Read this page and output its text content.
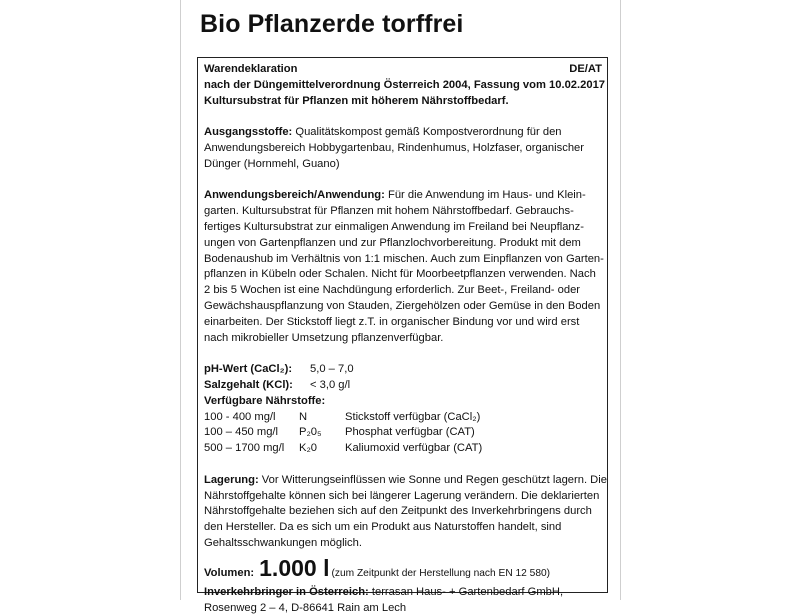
Bio Pflanzerde torffrei
Warendeklaration	DE/AT
nach der Düngemittelverordnung Österreich 2004, Fassung vom 10.02.2017
Kultursubstrat für Pflanzen mit höherem Nährstoffbedarf.
Ausgangsstoffe: Qualitätskompost gemäß Kompostverordnung für den
Anwendungsbereich Hobbygartenbau, Rindenhumus, Holzfaser, organischer
Dünger (Hornmehl, Guano)
Anwendungsbereich/Anwendung: Für die Anwendung im Haus- und Klein-
garten. Kultursubstrat für Pflanzen mit hohem Nährstoffbedarf. Gebrauchs-
fertiges Kultursubstrat zur einmaligen Anwendung im Freiland bei Neupflanz-
ungen von Gartenpflanzen und zur Pflanzlochvorbereitung. Produkt mit dem
Bodenaushub im Verhältnis von 1:1 mischen. Auch zum Einpflanzen von Garten-
pflanzen in Kübeln oder Schalen. Nicht für Moorbeetpflanzen verwenden. Nach
2 bis 5 Wochen ist eine Nachdüngung erforderlich. Zur Beet-, Freiland- oder
Gewächshauspflanzung von Stauden, Ziergehölzen oder Gemüse in den Boden
einarbeiten. Der Stickstoff liegt z.T. in organischer Bindung vor und wird erst
nach mikrobieller Umsetzung pflanzenverfügbar.
pH-Wert (CaCl₂):	5,0 – 7,0
Salzgehalt (KCl):	< 3,0 g/l
Verfügbare Nährstoffe:
100 - 400 mg/l	N	Stickstoff verfügbar (CaCl₂)
100 – 450 mg/l	P₂0₅	Phosphat verfügbar (CAT)
500 – 1700 mg/l	K₂0	Kaliumoxid verfügbar (CAT)
Lagerung: Vor Witterungseinflüssen wie Sonne und Regen geschützt lagern. Die
Nährstoffgehalte können sich bei längerer Lagerung verändern. Die deklarierten
Nährstoffgehalte beziehen sich auf den Zeitpunkt des Inverkehrbringens durch
den Hersteller. Da es sich um ein Produkt aus Naturstoffen handelt, sind
Gehaltsschwankungen möglich.
Volumen: 1.000 l (zum Zeitpunkt der Herstellung nach EN 12 580)
Inverkehrbringer in Österreich: terrasan Haus- + Gartenbedarf GmbH,
Rosenweg 2 – 4, D-86641 Rain am Lech
